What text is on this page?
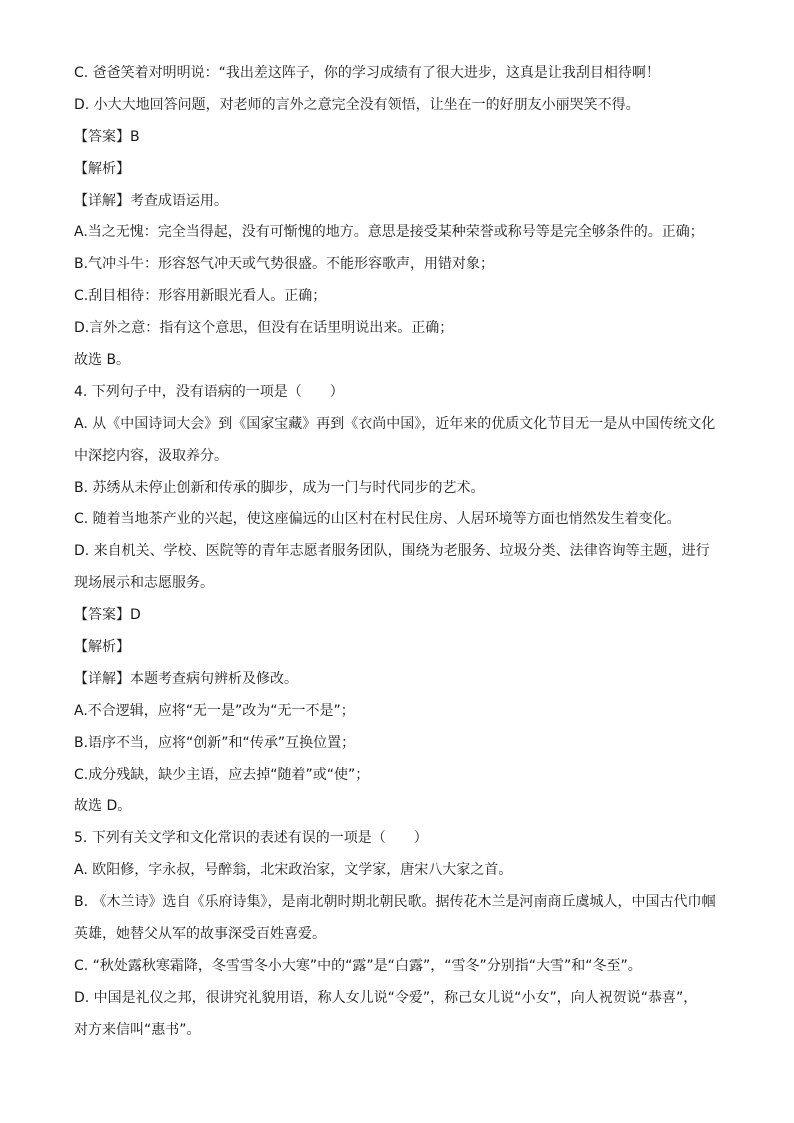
C. 爸爸笑着对明明说：“我出差这阵子，你的学习成绩有了很大进步，这真是让我刮目相待啊！
D. 小大大地回答问题，对老师的言外之意完全没有领悟，让坐在一的好朋友小丽哭笑不得。
【答案】B
【解析】
【详解】考查成语运用。
A.当之无愧：完全当得起，没有可惭愧的地方。意思是接受某种荣誉或称号等是完全够条件的。正确；
B.气冲斗牛：形容怒气冲天或气势很盛。不能形容歌声，用错对象；
C.刮目相待：形容用新眼光看人。正确；
D.言外之意：指有这个意思，但没有在话里明说出来。正确；
故选 B。
4. 下列句子中，没有语病的一项是（　　）
A. 从《中国诗词大会》到《国家宝藏》再到《衣尚中国》，近年来的优质文化节目无一是从中国传统文化
中深挖内容，汲取养分。
B. 苏绣从未停止创新和传承的脚步，成为一门与时代同步的艺术。
C. 随着当地茶产业的兴起，使这座偏远的山区村在村民住房、人居环境等方面也悄然发生着变化。
D. 来自机关、学校、医院等的青年志愿者服务团队，围绕为老服务、垃圾分类、法律咨询等主题，进行
现场展示和志愿服务。
【答案】D
【解析】
【详解】本题考查病句辨析及修改。
A.不合逻辑，应将“无一是”改为“无一不是”；
B.语序不当，应将“创新”和“传承”互换位置；
C.成分残缺，缺少主语，应去掉“随着”或“使”；
故选 D。
5. 下列有关文学和文化常识的表述有误的一项是（　　）
A. 欧阳修，字永叔，号醉翁，北宋政治家，文学家，唐宋八大家之首。
B. 《木兰诗》选自《乐府诗集》，是南北朝时期北朝民歌。据传花木兰是河南商丘虞城人，中国古代巾帼
英雄，她替父从军的故事深受百姓喜爱。
C. “秋处露秋寒霜降，冬雪雪冬小大寒”中的“露”是“白露”，“雪冬”分别指“大雪”和“冬至”。
D. 中国是礼仪之邦，很讲究礼貌用语，称人女儿说“令爱”，称己女儿说“小女”，向人祝贺说“恭喜”，
对方来信叫“惠书”。
